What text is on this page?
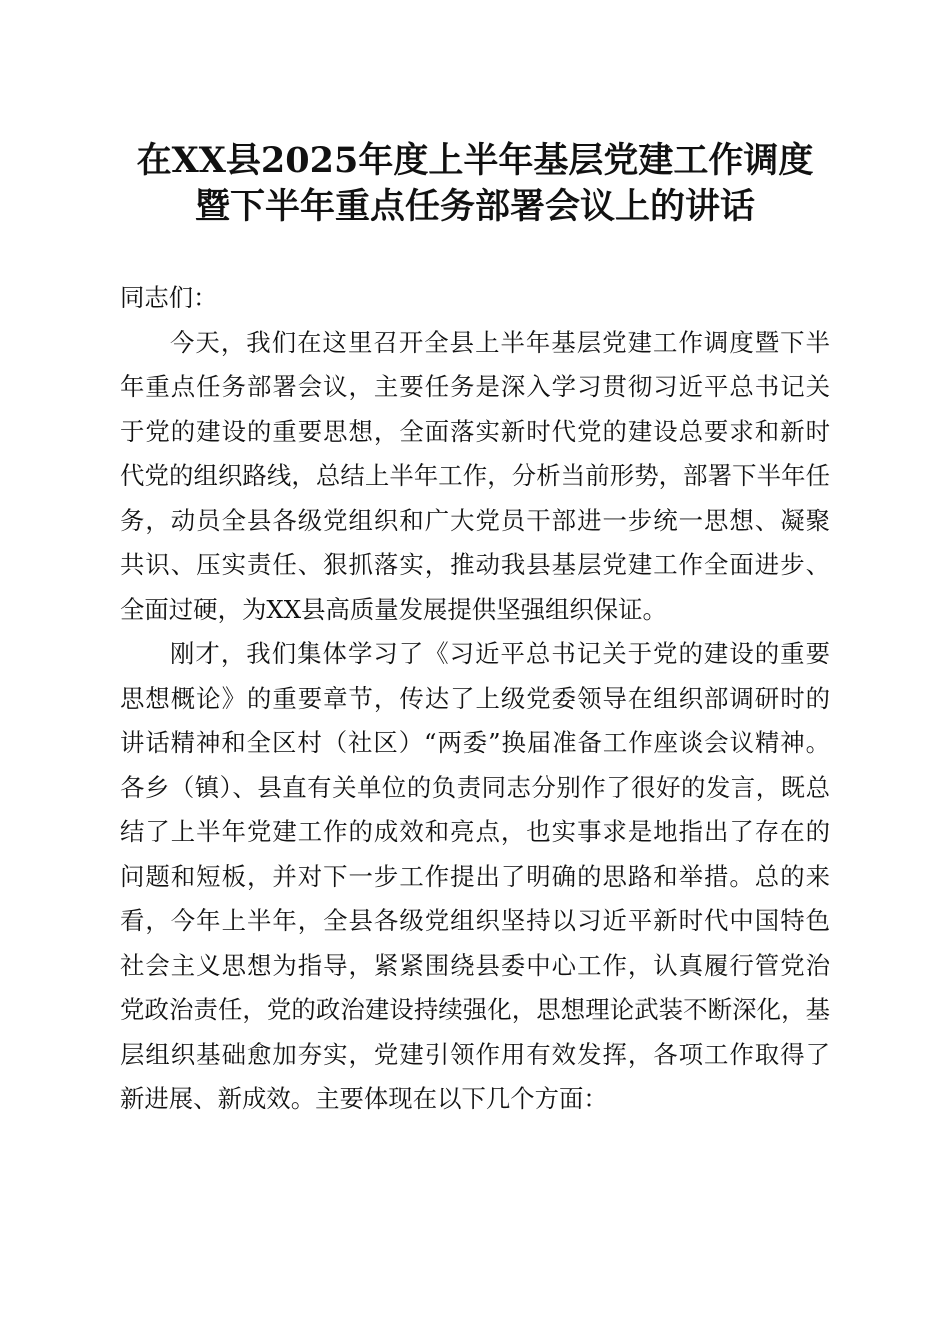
在XX县2025年度上半年基层党建工作调度
暨下半年重点任务部署会议上的讲话
同志们：
今天，我们在这里召开全县上半年基层党建工作调度暨下半
年重点任务部署会议，主要任务是深入学习贯彻习近平总书记关
于党的建设的重要思想，全面落实新时代党的建设总要求和新时
代党的组织路线，总结上半年工作，分析当前形势，部署下半年任
务，动员全县各级党组织和广大党员干部进一步统一思想、凝聚
共识、压实责任、狠抓落实，推动我县基层党建工作全面进步、
全面过硬，为XX县高质量发展提供坚强组织保证。
刚才，我们集体学习了《习近平总书记关于党的建设的重要
思想概论》的重要章节，传达了上级党委领导在组织部调研时的
讲话精神和全区村（社区）“两委”换届准备工作座谈会议精神。
各乡（镇）、县直有关单位的负责同志分别作了很好的发言，既总
结了上半年党建工作的成效和亮点，也实事求是地指出了存在的
问题和短板，并对下一步工作提出了明确的思路和举措。总的来
看，今年上半年，全县各级党组织坚持以习近平新时代中国特色
社会主义思想为指导，紧紧围绕县委中心工作，认真履行管党治
党政治责任，党的政治建设持续强化，思想理论武装不断深化，基
层组织基础愈加夯实，党建引领作用有效发挥，各项工作取得了
新进展、新成效。主要体现在以下几个方面：
